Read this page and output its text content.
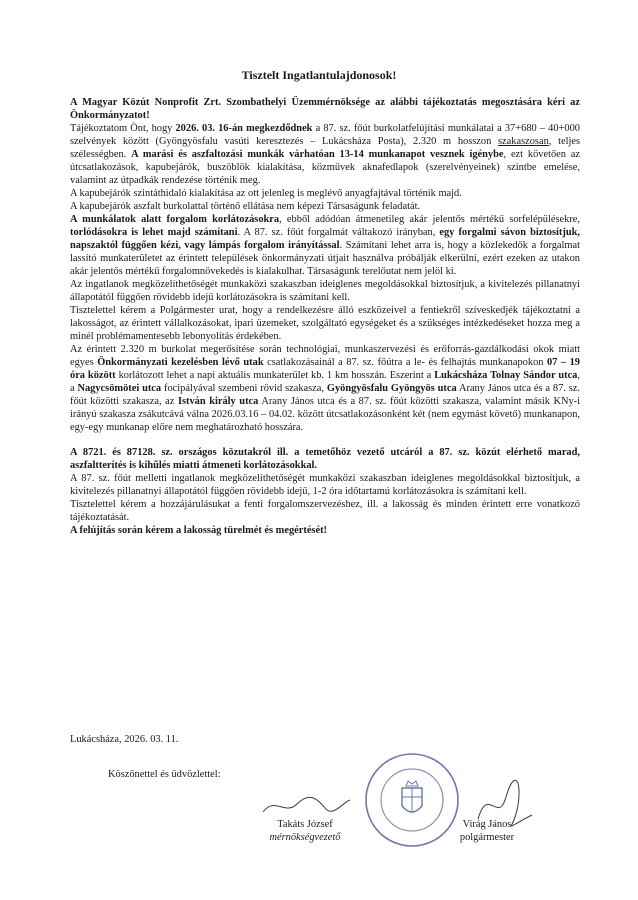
Tisztelt Ingatlantulajdonosok!

A Magyar Közút Nonprofit Zrt. Szombathelyi Üzemmérnöksége az alábbi tájékoztatás megosztására kéri az Önkormányzatot!

Tájékoztatom Önt, hogy 2026. 03. 16-án megkezdődnek a 87. sz. főút burkolatfelújítási munkálatai a 37+680 – 40+000 szelvények között (Gyöngyösfalu vasúti keresztezés – Lukácsháza Posta), 2.320 m hosszon szakaszosan, teljes szélességben. A marási és aszfaltozási munkák várhatóan 13-14 munkanapot vesznek igénybe, ezt követően az útcsatlakozások, kapubejárók, buszöblök kialakítása, közművek aknafedlapok (szerelvényeinek) szintbe emelése, valamint az útpadkák rendezése történik meg.

A kapubejárók szintáthidaló kialakítása az ott jelenleg is meglévő anyagfajtával történik majd.

A kapubejárók aszfalt burkolattal történő ellátása nem képezi Társaságunk feladatát.

A munkálatok alatt forgalom korlátozásokra, ebből adódóan átmenetileg akár jelentős mértékű sorfelépülésekre, torlódásokra is lehet majd számítani. A 87. sz. főút forgalmát váltakozó irányban, egy forgalmi sávon biztosítjuk, napszaktól függően kézi, vagy lámpás forgalom irányítással. Számítani lehet arra is, hogy a közlekedők a forgalmat lassító munkaterületet az érintett települések önkormányzati útjait használva próbálják elkerülni, ezért ezeken az utakon akár jelentős mértékű forgalomnövekedés is kialakulhat. Társaságunk terelőutat nem jelöl ki.

Az ingatlanok megközelíthetőségét munkaközi szakaszban ideiglenes megoldásokkal biztosítjuk, a kivitelezés pillanatnyi állapotától függően rövidebb idejű korlátozásokra is számítani kell.

Tisztelettel kérem a Polgármester urat, hogy a rendelkezésre álló eszközeivel a fentiekről szíveskedjék tájékoztatni a lakosságot, az érintett vállalkozásokat, ipari üzemeket, szolgáltató egységeket és a szükséges intézkedéseket hozza meg a minél problémamentesebb lebonyolítás érdekében.

Az érintett 2.320 m burkolat megerősítése során technológiai, munkaszervezési és erőforrás-gazdálkodási okok miatt egyes Önkormányzati kezelésben lévő utak csatlakozásainál a 87. sz. főútra a le- és felhajtás munkanapokon 07 – 19 óra között korlátozott lehet a napi aktuális munkaterület kb. 1 km hosszán. Eszerint a Lukácsháza Tolnay Sándor utca, a Nagycsömötei utca focipályával szembeni rövid szakasza, Gyöngyösfalu Gyöngyös utca Arany János utca és a 87. sz. főút közötti szakasza, az István király utca Arany János utca és a 87. sz. főút közötti szakasza, valamint másik KNy-i irányú szakasza zsákutcává válna 2026.03.16 – 04.02. között útcsatlakozásonként két (nem egymást követő) munkanapon, egy-egy munkanap előre nem meghatározható hosszára.

A 8721. és 87128. sz. országos közutakról ill. a temetőhöz vezető utcáról a 87. sz. közút elérhető marad, aszfaltterítés is kihűlés miatti átmeneti korlátozásokkal.

A 87. sz. főút melletti ingatlanok megközelíthetőségét munkaközi szakaszban ideiglenes megoldásokkal biztosítjuk, a kivitelezés pillanatnyi állapotától függően rövidebb idejű, 1-2 óra időtartamú korlátozásokra is számítani kell.

Tisztelettel kérem a hozzájárulásukat a fenti forgalomszervezéshez, ill. a lakosság és minden érintett erre vonatkozó tájékoztatását.

A felújítás során kérem a lakosság türelmét és megértését!

Lukácsháza, 2026. 03. 11.
Köszönettel és üdvözlettel:
Takáts József
mérnökségvezető
Virág János
polgármester
